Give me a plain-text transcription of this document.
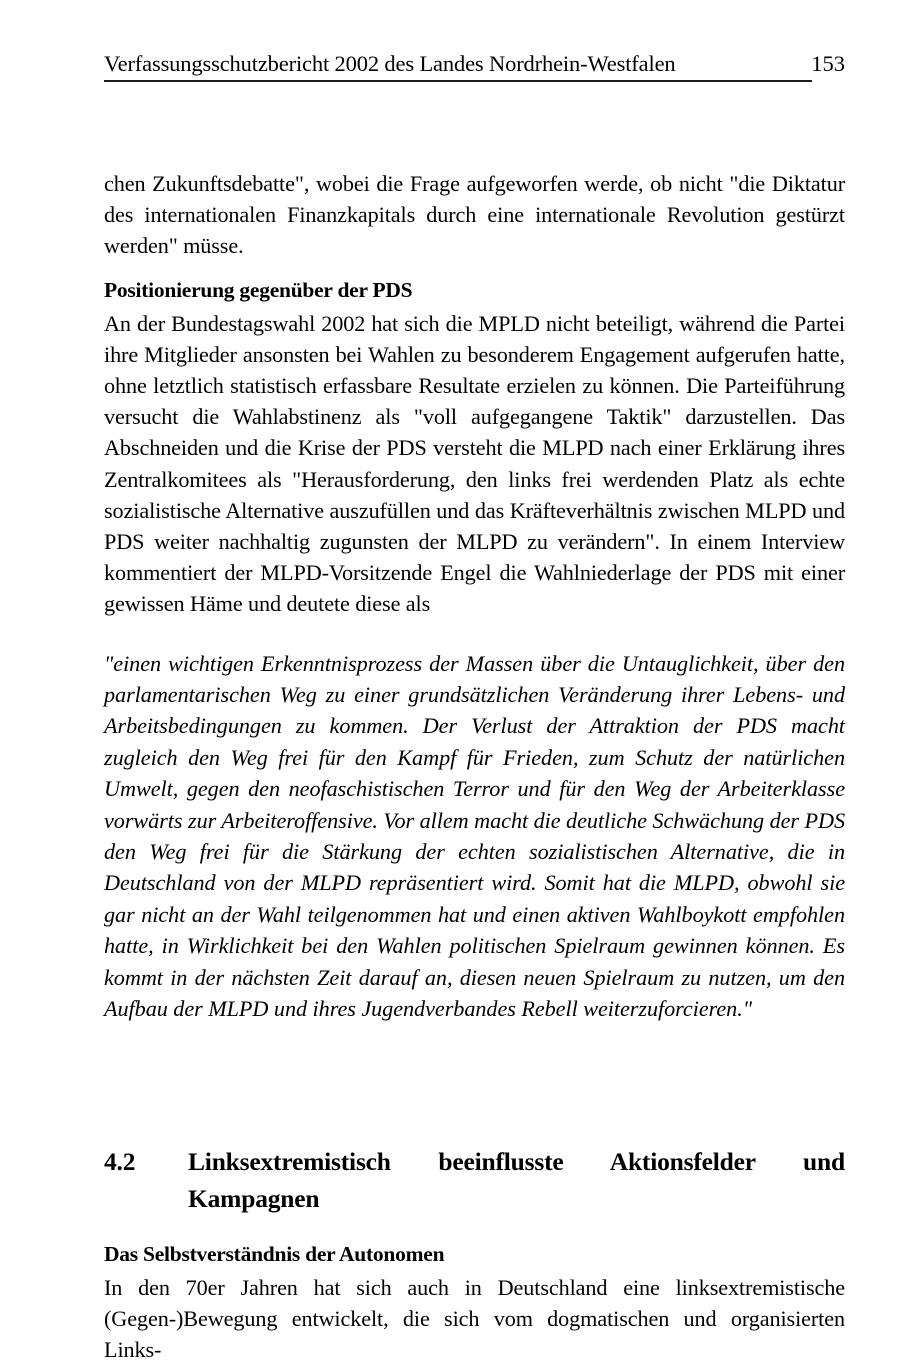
Verfassungsschutzbericht 2002 des Landes Nordrhein-Westfalen	153

chen Zukunftsdebatte", wobei die Frage aufgeworfen werde, ob nicht "die Diktatur des internationalen Finanzkapitals durch eine internationale Revolution gestürzt werden" müsse.

Positionierung gegenüber der PDS

An der Bundestagswahl 2002 hat sich die MPLD nicht beteiligt, während die Partei ihre Mitglieder ansonsten bei Wahlen zu besonderem Engagement aufgerufen hatte, ohne letztlich statistisch erfassbare Resultate erzielen zu können. Die Parteiführung versucht die Wahlabstinenz als "voll aufgegangene Taktik" darzustellen. Das Abschneiden und die Krise der PDS versteht die MLPD nach einer Erklärung ihres Zentralkomitees als "Herausforderung, den links frei werdenden Platz als echte sozialistische Alternative auszufüllen und das Kräfteverhältnis zwischen MLPD und PDS weiter nachhaltig zugunsten der MLPD zu verändern". In einem Interview kommentiert der MLPD-Vorsitzende Engel die Wahlniederlage der PDS mit einer gewissen Häme und deutete diese als

"einen wichtigen Erkenntnisprozess der Massen über die Untauglichkeit, über den parlamentarischen Weg zu einer grundsätzlichen Veränderung ihrer Lebens- und Arbeitsbedingungen zu kommen. Der Verlust der Attraktion der PDS macht zugleich den Weg frei für den Kampf für Frieden, zum Schutz der natürlichen Umwelt, gegen den neofaschistischen Terror und für den Weg der Arbeiterklasse vorwärts zur Arbeiteroffensive. Vor allem macht die deutliche Schwächung der PDS den Weg frei für die Stärkung der echten sozialistischen Alternative, die in Deutschland von der MLPD repräsentiert wird. Somit hat die MLPD, obwohl sie gar nicht an der Wahl teilgenommen hat und einen aktiven Wahlboykott empfohlen hatte, in Wirklichkeit bei den Wahlen politischen Spielraum gewinnen können. Es kommt in der nächsten Zeit darauf an, diesen neuen Spielraum zu nutzen, um den Aufbau der MLPD und ihres Jugendverbandes Rebell weiterzuforcieren."

4.2	Linksextremistisch beeinflusste Aktionsfelder und Kampagnen
Das Selbstverständnis der Autonomen

In den 70er Jahren hat sich auch in Deutschland eine linksextremistische (Gegen-)Bewegung entwickelt, die sich vom dogmatischen und organisierten Links-
